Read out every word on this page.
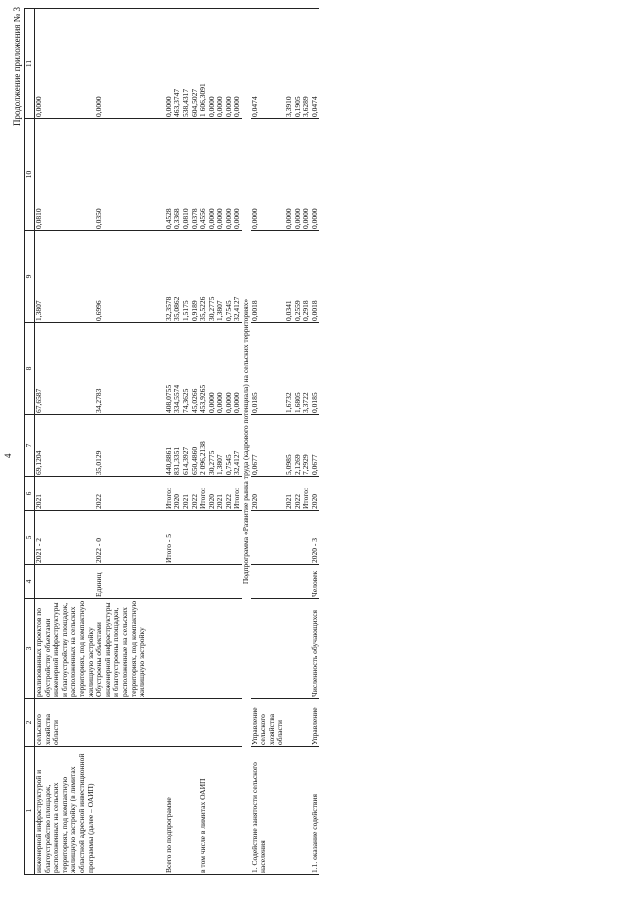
4
Продолжение приложения № 3
1	2	3	4	5	6	7	8	9	10	11
инженерной инфраструктурой и благоустройство площадок, расположенных на сельских территориях, под компактную жилищную застройку (в лимитах областной адресной инвестиционной программы (далее – ОАИП)	сельского хозяйства области	реализованных проектов по обустройству объектами инженерной инфраструктуры и благоустройству площадок, расположенных на сельских территориях, под компактную жилищную застройку		2021 - 2	2021	69,1204	67,6587	1,3807	0,0810	0,0000
		Обустроены объектами инженерной инфраструктуры и благоустроены площадки, расположенные на сельских территориях, под компактную жилищную застройку	Единиц	2022 - 0	2022	35,0129	34,2783	0,6996	0,0350	0,0000

Всего по подпрограмме				Итого - 5	Итого:	440,8861	408,0755	32,3578	0,4528	0,0000
					2020	831,3351	334,5574	35,0862	0,3368	463,3747
					2021	614,3927	74,3625	1,5175	0,0810	538,4317
					2022	650,4860	45,0266	0,9189	0,0378	604,5027
в том числе в лимитах ОАИП					Итого:	2 096,2138	453,9265	35,5226	0,4556	1 606,3091
					2020	30,2775	0,0000	30,2775	0,0000	0,0000
					2021	1,3807	0,0000	1,3807	0,0000	0,0000
					2022	0,7545	0,0000	0,7545	0,0000	0,0000
					Итого:	32,4127	0,0000	32,4127	0,0000	0,0000
Подпрограмма «Развитие рынка труда (кадрового потенциала) на сельских территориях»										
1. Содействие занятости сельского населения	Управление сельского хозяйства области				2020	0,0677	0,0185	0,0018	0,0000	0,0474
					2021	5,0985	1,6732	0,0341	0,0000	3,3910
					2022	2,1269	1,6805	0,2559	0,0000	0,1905
					Итого:	7,2929	3,3722	0,2918	0,0000	3,6289
1.1. оказание содействия	Управление	Численность обучающихся	Человек	2020 - 3	2020	0,0677	0,0185	0,0018	0,0000	0,0474
